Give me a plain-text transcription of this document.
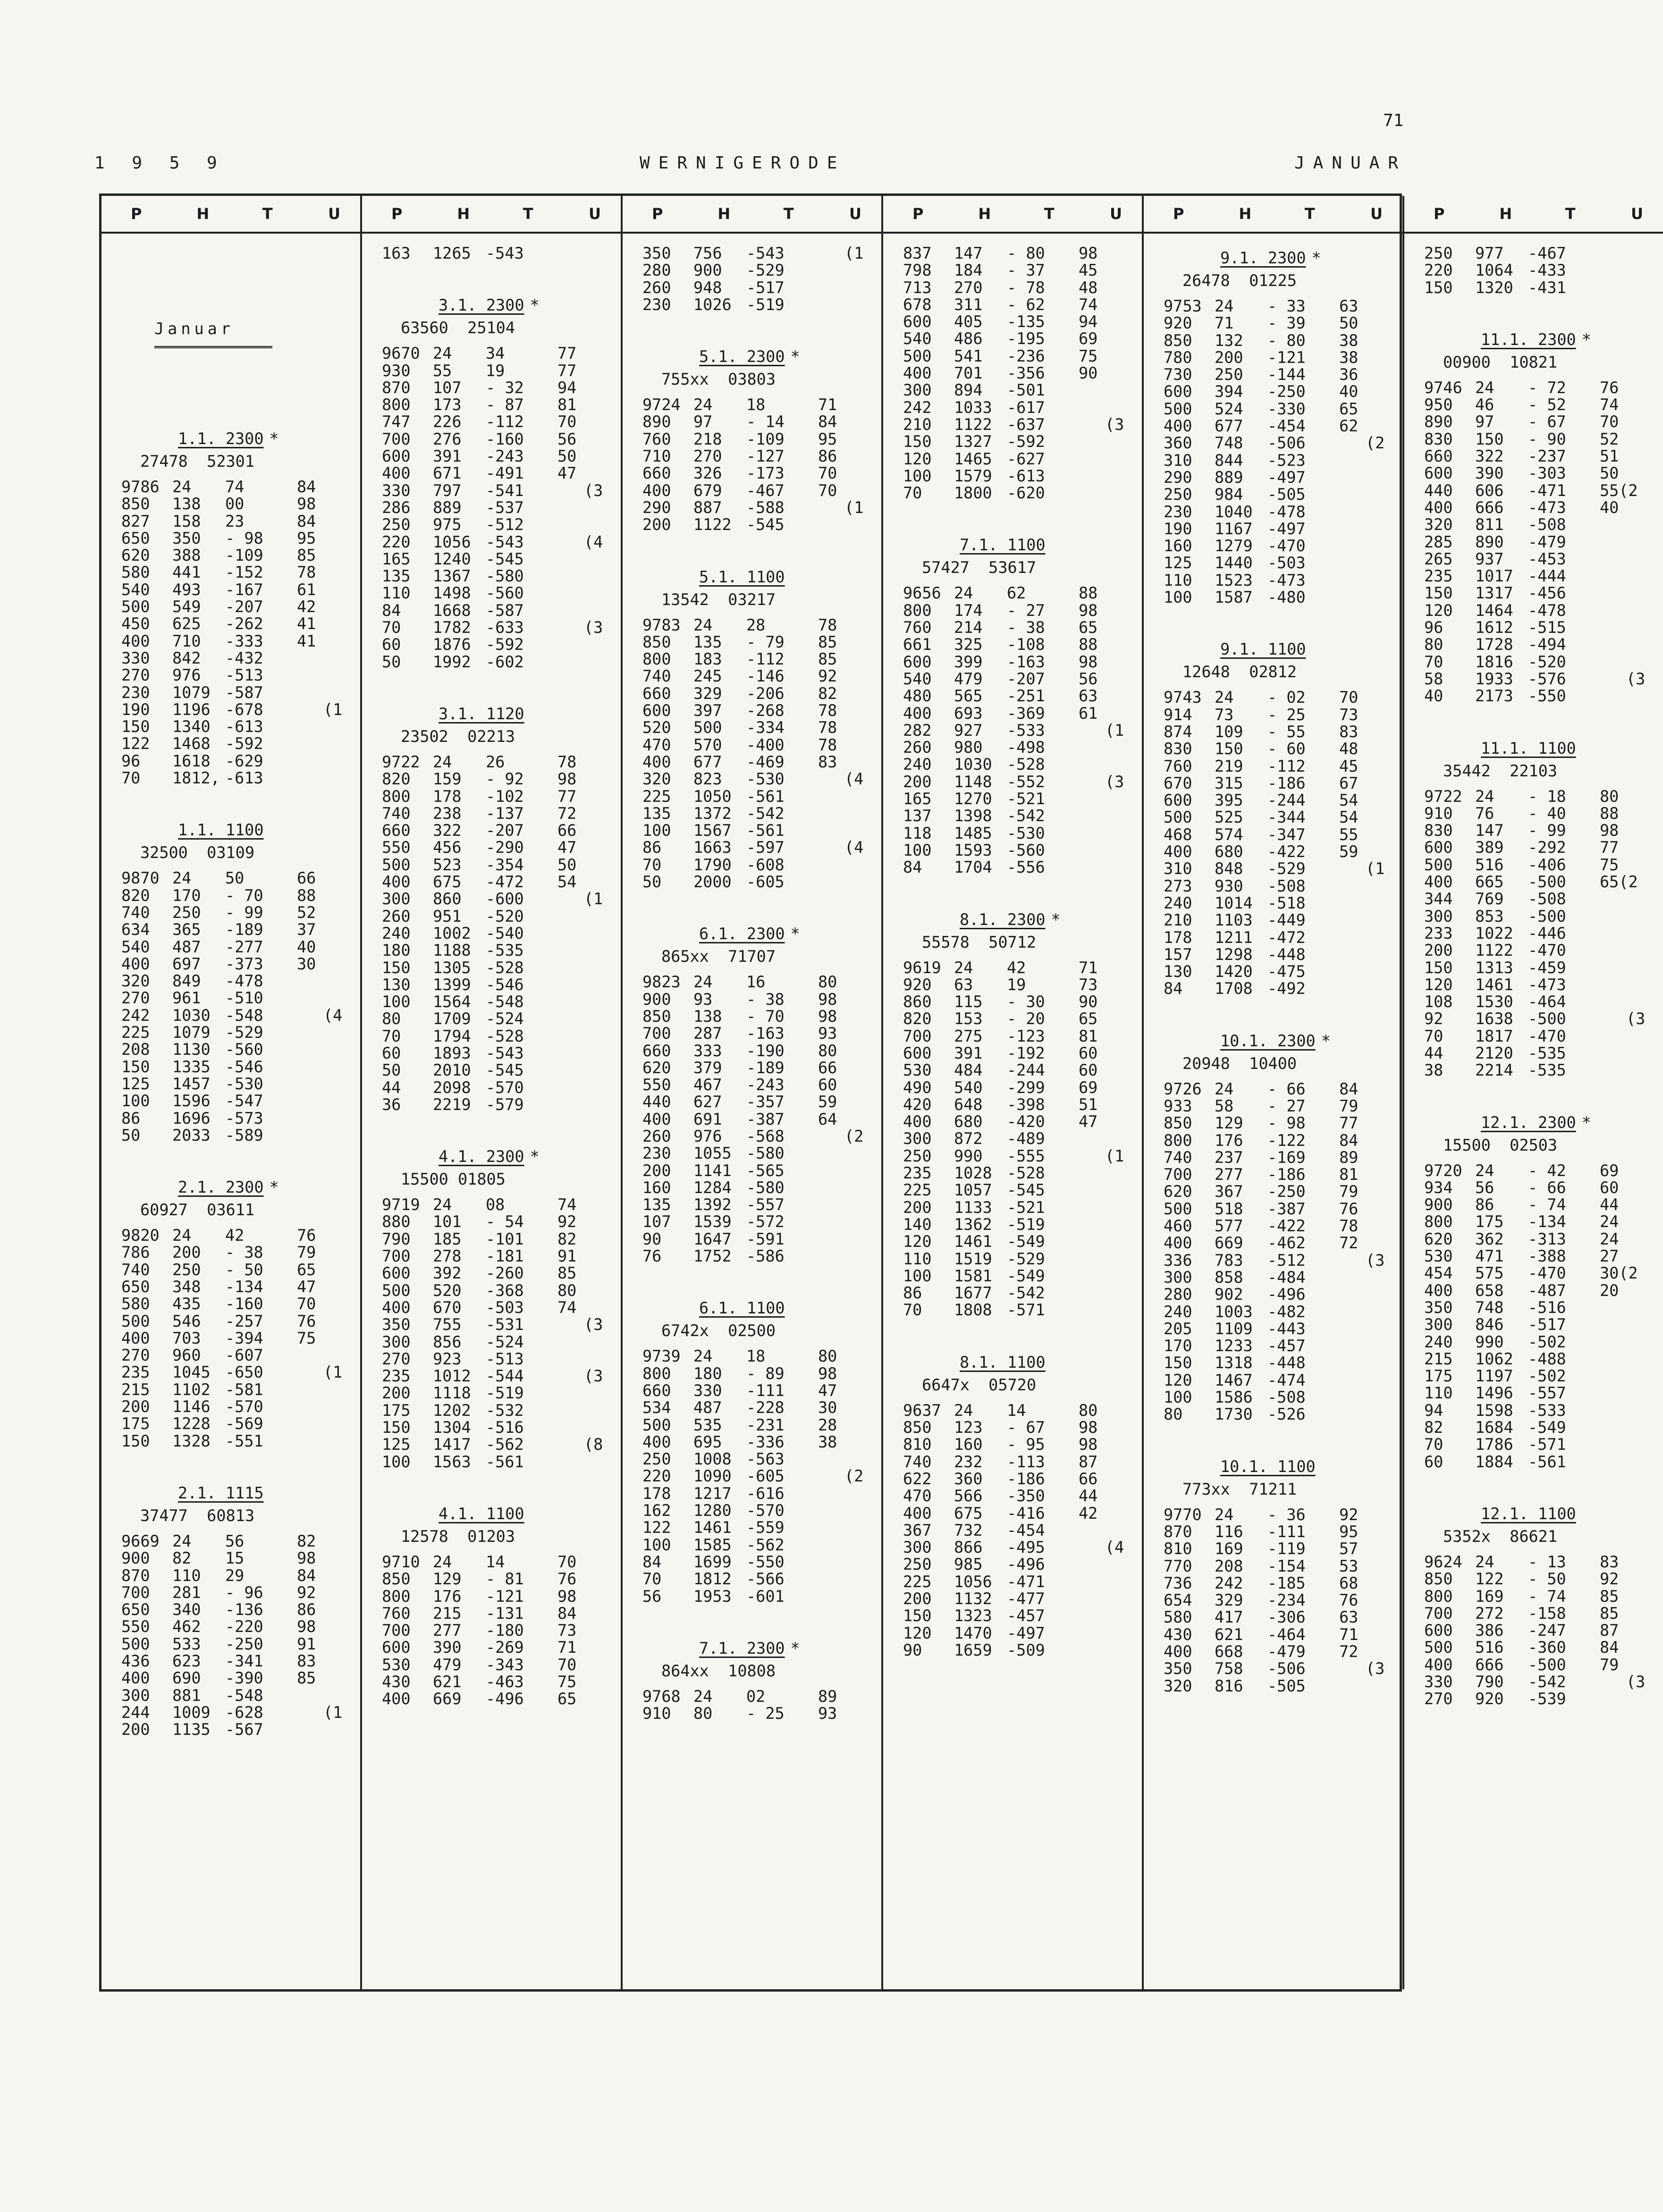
71
1 9 5 9	WERNIGERODE	JANUAR
P	H	T	U
Januar
1.1. 2300 *
27478  52301
9786 24	74	84
850	138	00	98
827	158	23	84
650	350	- 98	95
620	388	-109	85
580	441	-152	78
540	493	-167	61
500	549	-207	42
450	625	-262	41
400	710	-333	41
330	842	-432
270	976	-513
230	1079 -587
190	1196 -678	(1
150	1340 -613
122	1468 -592
96	1618 -629
70	1812, -613
1.1. 1100
32500  03109
9870 24	50	66
820	170	- 70	88
740	250	- 99	52
634	365	-189	37
540	487	-277	40
400	697	-373	30
320	849	-478
270	961	-510
242	1030 -548	(4
225	1079 -529
208	1130 -560
150	1335 -546
125	1457 -530
100	1596 -547
86	1696 -573
50	2033 -589
2.1. 2300 *
60927  03611
9820 24	42	76
786	200	- 38	79
740	250	- 50	65
650	348	-134	47
580	435	-160	70
500	546	-257	76
400	703	-394	75
270	960	-607
235	1045 -650	(1
215	1102 -581
200	1146 -570
175	1228 -569
150	1328 -551
2.1. 1115
37477  60813
9669 24	56	82
900	82	15	98
870	110	29	84
700	281	- 96	92
650	340	-136	86
550	462	-220	98
500	533	-250	91
436	623	-341	83
400	690	-390	85
300	881	-548
244	1009 -628	(1
200	1135 -567
P	H	T	U
163	1265 -543
3.1. 2300 *
63560  25104
9670 24	34	77
930	55	19	77
870	107	- 32	94
800	173	- 87	81
747	226	-112	70
700	276	-160	56
600	391	-243	50
400	671	-491	47
330	797	-541	(3
286	889	-537
250	975	-512
220	1056 -543	(4
165	1240 -545
135	1367 -580
110	1498 -560
84	1668 -587
70	1782 -633	(3
60	1876 -592
50	1992 -602
3.1. 1120
23502  02213
9722 24	26	78
820	159	- 92	98
800	178	-102	77
740	238	-137	72
660	322	-207	66
550	456	-290	47
500	523	-354	50
400	675	-472	54
300	860	-600	(1
260	951	-520
240	1002 -540
180	1188 -535
150	1305 -528
130	1399 -546
100	1564 -548
80	1709 -524
70	1794 -528
60	1893 -543
50	2010 -545
44	2098 -570
36	2219 -579
4.1. 2300 *
15500 01805
9719 24	08	74
880	101	- 54	92
790	185	-101	82
700	278	-181	91
600	392	-260	85
500	520	-368	80
400	670	-503	74
350	755	-531	(3
300	856	-524
270	923	-513
235	1012 -544	(3
200	1118 -519
175	1202 -532
150	1304 -516
125	1417 -562	(8
100	1563 -561
4.1. 1100
12578  01203
9710 24	14	70
850	129	- 81	76
800	176	-121	98
760	215	-131	84
700	277	-180	73
600	390	-269	71
530	479	-343	70
430	621	-463	75
400	669	-496	65
P	H	T	U
350	756	-543	(1
280	900	-529
260	948	-517
230	1026 -519
5.1. 2300 *
755xx  03803
9724 24	18	71
890	97	- 14	84
760	218	-109	95
710	270	-127	86
660	326	-173	70
400	679	-467	70
290	887	-588	(1
200	1122 -545
5.1. 1100
13542  03217
9783 24	28	78
850	135	- 79	85
800	183	-112	85
740	245	-146	92
660	329	-206	82
600	397	-268	78
520	500	-334	78
470	570	-400	78
400	677	-469	83
320	823	-530	(4
225	1050 -561
135	1372 -542
100	1567 -561
86	1663 -597	(4
70	1790 -608
50	2000 -605
6.1. 2300 *
865xx  71707
9823 24	16	80
900	93	- 38	98
850	138	- 70	98
700	287	-163	93
660	333	-190	80
620	379	-189	66
550	467	-243	60
440	627	-357	59
400	691	-387	64
260	976	-568	(2
230	1055 -580
200	1141 -565
160	1284 -580
135	1392 -557
107	1539 -572
90	1647 -591
76	1752 -586
6.1. 1100
6742x  02500
9739 24	18	80
800	180	- 89	98
660	330	-111	47
534	487	-228	30
500	535	-231	28
400	695	-336	38
250	1008 -563
220	1090 -605	(2
178	1217 -616
162	1280 -570
122	1461 -559
100	1585 -562
84	1699 -550
70	1812 -566
56	1953 -601
7.1. 2300 *
864xx  10808
9768 24	02	89
910	80	- 25	93
P	H	T	U
837	147	- 80	98
798	184	- 37	45
713	270	- 78	48
678	311	- 62	74
600	405	-135	94
540	486	-195	69
500	541	-236	75
400	701	-356	90
300	894	-501
242	1033 -617
210	1122 -637	(3
150	1327 -592
120	1465 -627
100	1579 -613
70	1800 -620
7.1. 1100
57427  53617
9656 24	62	88
800	174	- 27	98
760	214	- 38	65
661	325	-108	88
600	399	-163	98
540	479	-207	56
480	565	-251	63
400	693	-369	61
282	927	-533	(1
260	980	-498
240	1030 -528
200	1148 -552	(3
165	1270 -521
137	1398 -542
118	1485 -530
100	1593 -560
84	1704 -556
8.1. 2300 *
55578  50712
9619 24	42	71
920	63	19	73
860	115	- 30	90
820	153	- 20	65
700	275	-123	81
600	391	-192	60
530	484	-244	60
490	540	-299	69
420	648	-398	51
400	680	-420	47
300	872	-489
250	990	-555	(1
235	1028 -528
225	1057 -545
200	1133 -521
140	1362 -519
120	1461 -549
110	1519 -529
100	1581 -549
86	1677 -542
70	1808 -571
8.1. 1100
6647x  05720
9637 24	14	80
850	123	- 67	98
810	160	- 95	98
740	232	-113	87
622	360	-186	66
470	566	-350	44
400	675	-416	42
367	732	-454
300	866	-495	(4
250	985	-496
225	1056 -471
200	1132 -477
150	1323 -457
120	1470 -497
90	1659 -509
P	H	T	U
9.1. 2300 *
26478  01225
9753 24	- 33	63
920	71	- 39	50
850	132	- 80	38
780	200	-121	38
730	250	-144	36
600	394	-250	40
500	524	-330	65
400	677	-454	62
360	748	-506	(2
310	844	-523
290	889	-497
250	984	-505
230	1040 -478
190	1167 -497
160	1279 -470
125	1440 -503
110	1523 -473
100	1587 -480
9.1. 1100
12648  02812
9743 24	- 02	70
914	73	- 25	73
874	109	- 55	83
830	150	- 60	48
760	219	-112	45
670	315	-186	67
600	395	-244	54
500	525	-344	54
468	574	-347	55
400	680	-422	59
310	848	-529	(1
273	930	-508
240	1014 -518
210	1103 -449
178	1211 -472
157	1298 -448
130	1420 -475
84	1708 -492
10.1. 2300 *
20948  10400
9726 24	- 66	84
933	58	- 27	79
850	129	- 98	77
800	176	-122	84
740	237	-169	89
700	277	-186	81
620	367	-250	79
500	518	-387	76
460	577	-422	78
400	669	-462	72
336	783	-512	(3
300	858	-484
280	902	-496
240	1003 -482
205	1109 -443
170	1233 -457
150	1318 -448
120	1467 -474
100	1586 -508
80	1730 -526
10.1. 1100
773xx  71211
9770 24	- 36	92
870	116	-111	95
810	169	-119	57
770	208	-154	53
736	242	-185	68
654	329	-234	76
580	417	-306	63
430	621	-464	71
400	668	-479	72
350	758	-506	(3
320	816	-505
P	H	T	U
250	977	-467
220	1064 -433
150	1320 -431
11.1. 2300 *
00900  10821
9746 24	- 72	76
950	46	- 52	74
890	97	- 67	70
830	150	- 90	52
660	322	-237	51
600	390	-303	50
440	606	-471	55(2
400	666	-473	40
320	811	-508
285	890	-479
265	937	-453
235	1017 -444
150	1317 -456
120	1464 -478
96	1612 -515
80	1728 -494
70	1816 -520
58	1933 -576	(3
40	2173 -550
11.1. 1100
35442  22103
9722 24	- 18	80
910	76	- 40	88
830	147	- 99	98
600	389	-292	77
500	516	-406	75
400	665	-500	65(2
344	769	-508
300	853	-500
233	1022 -446
200	1122 -470
150	1313 -459
120	1461 -473
108	1530 -464
92	1638 -500	(3
70	1817 -470
44	2120 -535
38	2214 -535
12.1. 2300 *
15500  02503
9720 24	- 42	69
934	56	- 66	60
900	86	- 74	44
800	175	-134	24
620	362	-313	24
530	471	-388	27
454	575	-470	30(2
400	658	-487	20
350	748	-516
300	846	-517
240	990	-502
215	1062 -488
175	1197 -502
110	1496 -557
94	1598 -533
82	1684 -549
70	1786 -571
60	1884 -561
12.1. 1100
5352x  86621
9624 24	- 13	83
850	122	- 50	92
800	169	- 74	85
700	272	-158	85
600	386	-247	87
500	516	-360	84
400	666	-500	79
330	790	-542	(3
270	920	-539
